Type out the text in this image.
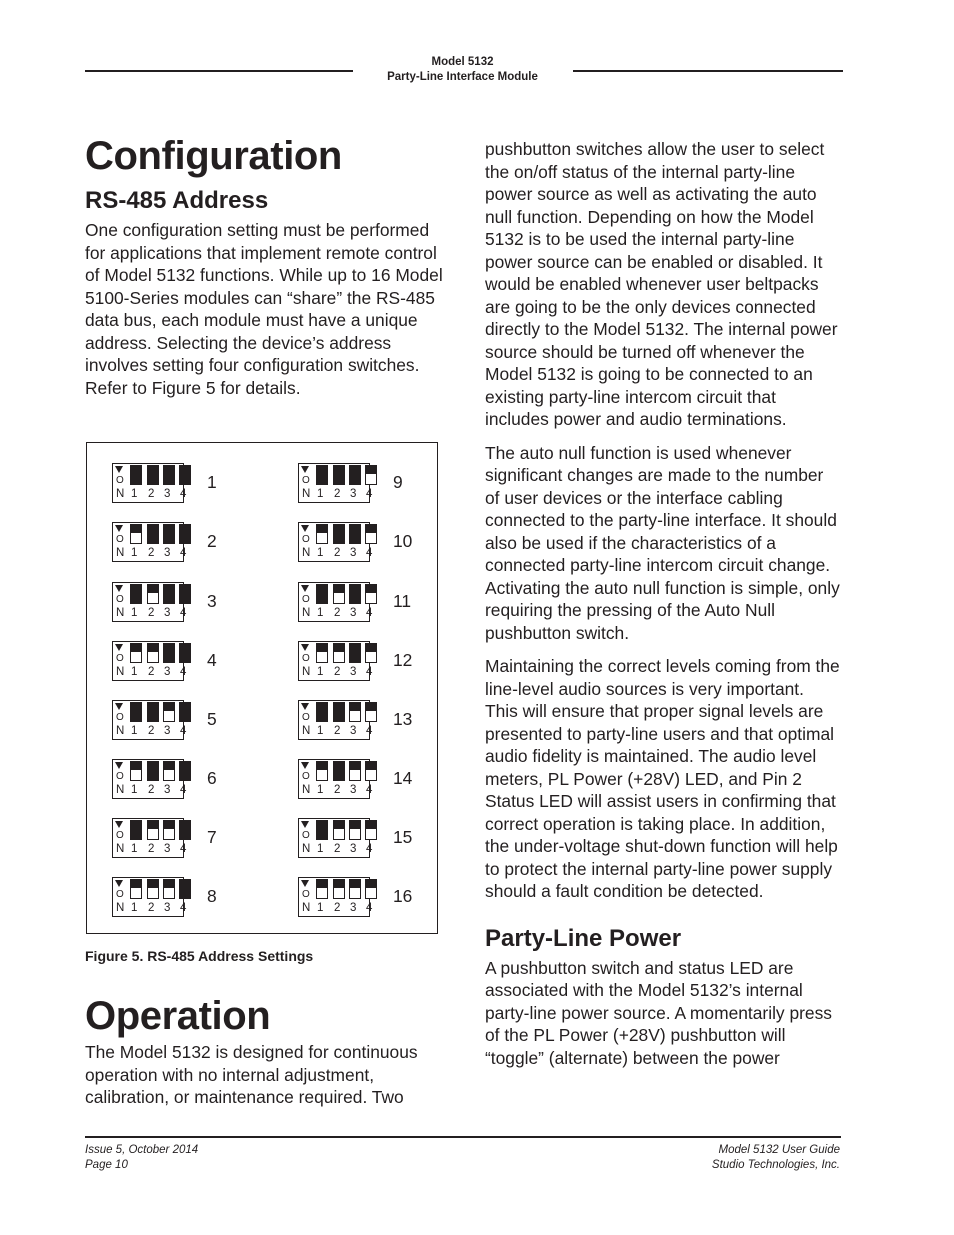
Model 5132
Party-Line Interface Module
Configuration
RS-485 Address

One configuration setting must be performed for applications that implement remote control of Model 5132 functions. While up to 16 Model 5100-Series modules can “share” the RS-485 data bus, each module must have a unique address. Selecting the device’s address involves setting four configuration switches. Refer to Figure 5 for details.

O
N 1 2 3 4
1
O
N 1 2 3 4
2
O
N 1 2 3 4
3
O
N 1 2 3 4
4
O
N 1 2 3 4
5
O
N 1 2 3 4
6
O
N 1 2 3 4
7
O
N 1 2 3 4
8
O
N 1 2 3 4
9
O
N 1 2 3 4
10
O
N 1 2 3 4
11
O
N 1 2 3 4
12
O
N 1 2 3 4
13
O
N 1 2 3 4
14
O
N 1 2 3 4
15
O
N 1 2 3 4
16
Figure 5. RS-485 Address Settings
Operation

The Model 5132 is designed for continuous operation with no internal adjustment, calibration, or maintenance required. Two

pushbutton switches allow the user to select the on/off status of the internal party-line power source as well as activating the auto null function. Depending on how the Model 5132 is to be used the internal party-line power source can be enabled or disabled. It would be enabled whenever user beltpacks are going to be the only devices connected directly to the Model 5132. The internal power source should be turned off whenever the Model 5132 is going to be connected to an existing party-line intercom circuit that includes power and audio terminations.

The auto null function is used whenever significant changes are made to the number of user devices or the interface cabling connected to the party-line interface. It should also be used if the characteristics of a connected party-line intercom circuit change. Activating the auto null function is simple, only requiring the pressing of the Auto Null pushbutton switch.

Maintaining the correct levels coming from the line-level audio sources is very important. This will ensure that proper signal levels are presented to party-line users and that optimal audio fidelity is maintained. The audio level meters, PL Power (+28V) LED, and Pin 2 Status LED will assist users in confirming that correct operation is taking place. In addition, the under-voltage shut-down function will help to protect the internal party-line power supply should a fault condition be detected.

Party-Line Power

A pushbutton switch and status LED are associated with the Model 5132’s internal party-line power source. A momentarily press of the PL Power (+28V) pushbutton will “toggle” (alternate) between the power

Issue 5, October 2014
Page 10
Model 5132 User Guide
Studio Technologies, Inc.
